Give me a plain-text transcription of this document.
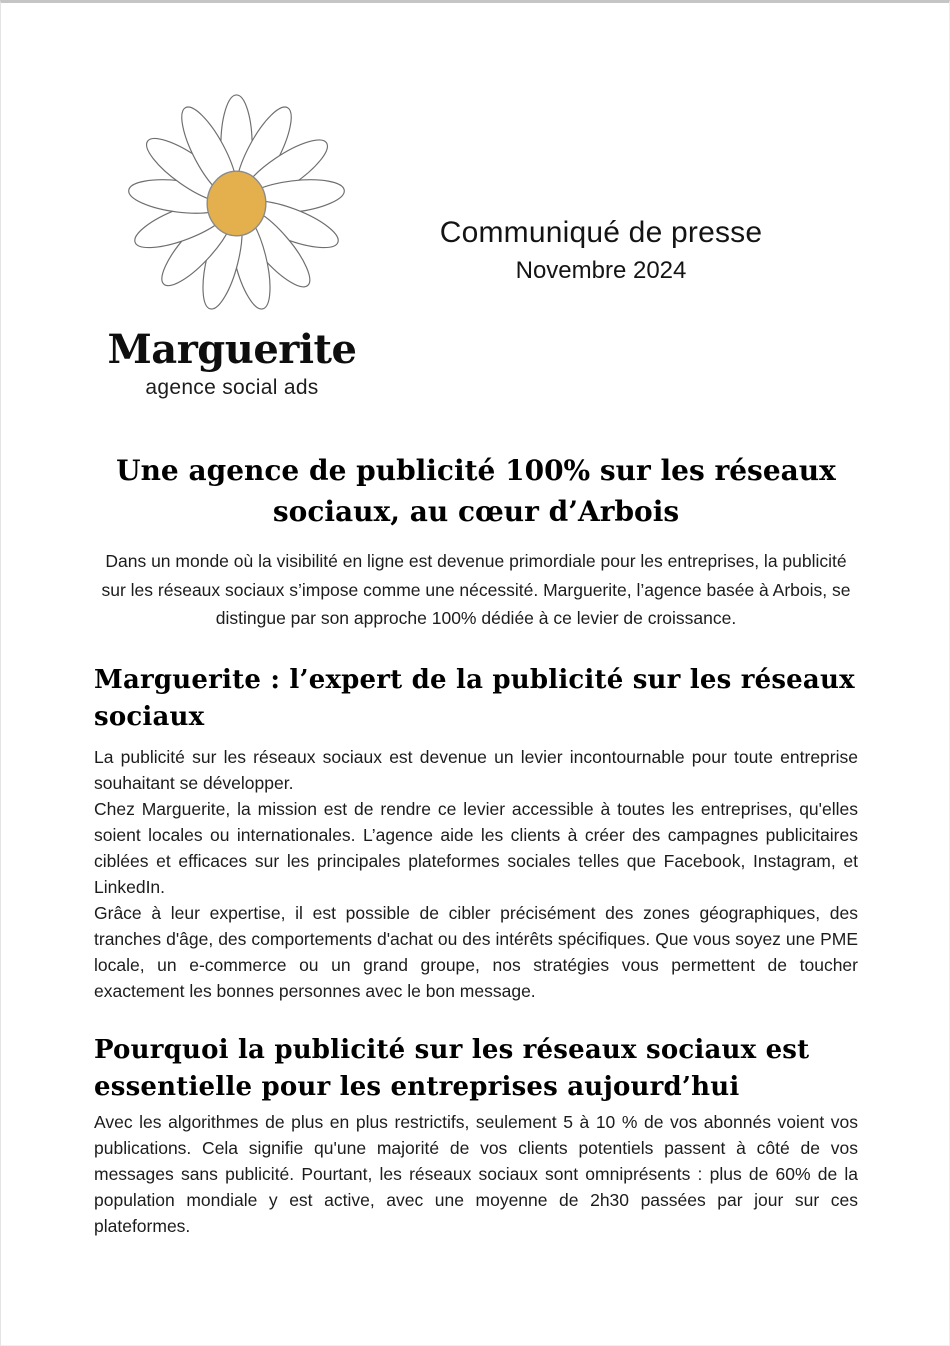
Marguerite
agence social ads
Communiqué de presse
Novembre 2024
Une agence de publicité 100% sur les réseaux sociaux, au cœur d’Arbois

Dans un monde où la visibilité en ligne est devenue primordiale pour les entreprises, la publicité sur les réseaux sociaux s’impose comme une nécessité. Marguerite, l’agence basée à Arbois, se distingue par son approche 100% dédiée à ce levier de croissance.

Marguerite : l’expert de la publicité sur les réseaux sociaux

La publicité sur les réseaux sociaux est devenue un levier incontournable pour toute entreprise souhaitant se développer.

Chez Marguerite, la mission est de rendre ce levier accessible à toutes les entreprises, qu'elles soient locales ou internationales. L’agence aide les clients à créer des campagnes publicitaires ciblées et efficaces sur les principales plateformes sociales telles que Facebook, Instagram, et LinkedIn.

Grâce à leur expertise, il est possible de cibler précisément des zones géographiques, des tranches d'âge, des comportements d'achat ou des intérêts spécifiques. Que vous soyez une PME locale, un e-commerce ou un grand groupe, nos stratégies vous permettent de toucher exactement les bonnes personnes avec le bon message.

Pourquoi la publicité sur les réseaux sociaux est essentielle pour les entreprises aujourd’hui

Avec les algorithmes de plus en plus restrictifs, seulement 5 à 10 % de vos abonnés voient vos publications. Cela signifie qu'une majorité de vos clients potentiels passent à côté de vos messages sans publicité. Pourtant, les réseaux sociaux sont omniprésents : plus de 60% de la population mondiale y est active, avec une moyenne de 2h30 passées par jour sur ces plateformes.
